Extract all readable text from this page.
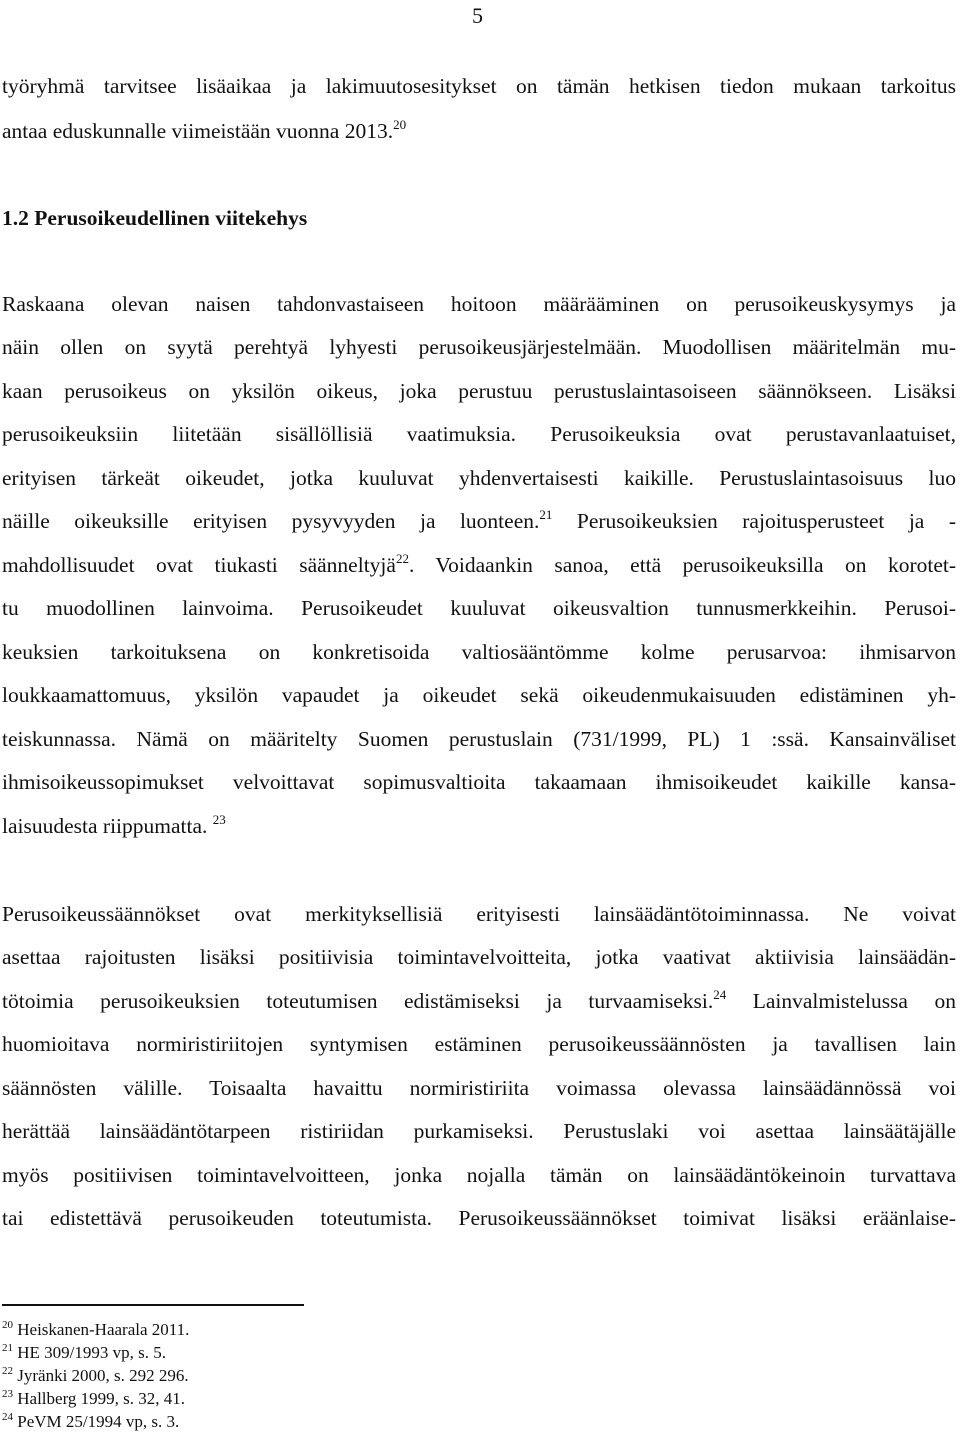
5
työryhmä tarvitsee lisäaikaa ja lakimuutosesitykset on tämän hetkisen tiedon mukaan tarkoitus
antaa eduskunnalle viimeistään vuonna 2013.20
1.2 Perusoikeudellinen viitekehys
Raskaana olevan naisen tahdonvastaiseen hoitoon määrääminen on perusoikeuskysymys ja
näin ollen on syytä perehtyä lyhyesti perusoikeusjärjestelmään. Muodollisen määritelmän mu-
kaan perusoikeus on yksilön oikeus, joka perustuu perustuslaintasoiseen säännökseen. Lisäksi
perusoikeuksiin liitetään sisällöllisiä vaatimuksia. Perusoikeuksia ovat perustavanlaatuiset,
erityisen tärkeät oikeudet, jotka kuuluvat yhdenvertaisesti kaikille. Perustuslaintasoisuus luo
näille oikeuksille erityisen pysyvyyden ja luonteen.$^{21}$ Perusoikeuksien rajoitusperusteet ja -
mahdollisuudet ovat tiukasti säänneltyjä$^{22}$. Voidaankin sanoa, että perusoikeuksilla on korotet-
tu muodollinen lainvoima. Perusoikeudet kuuluvat oikeusvaltion tunnusmerkkeihin. Perusoi-
keuksien tarkoituksena on konkretisoida valtiosääntömme kolme perusarvoa: ihmisarvon
loukkaamattomuus, yksilön vapaudet ja oikeudet sekä oikeudenmukaisuuden edistäminen yh-
teiskunnassa. Nämä on määritelty Suomen perustuslain (731/1999, PL) 1 :ssä. Kansainväliset
ihmisoikeussopimukset velvoittavat sopimusvaltioita takaamaan ihmisoikeudet kaikille kansa-
laisuudesta riippumatta. $^{23}$
Perusoikeussäännökset ovat merkityksellisiä erityisesti lainsäädäntötoiminnassa. Ne voivat
asettaa rajoitusten lisäksi positiivisia toimintavelvoitteita, jotka vaativat aktiivisia lainsäädän-
tötoimia perusoikeuksien toteutumisen edistämiseksi ja turvaamiseksi.$^{24}$ Lainvalmistelussa on
huomioitava normiristiriitojen syntymisen estäminen perusoikeussäännösten ja tavallisen lain
säännösten välille. Toisaalta havaittu normiristiriita voimassa olevassa lainsäädännössä voi
herättää lainsäädäntötarpeen ristiriidan purkamiseksi. Perustuslaki voi asettaa lainsäätäjälle
myös positiivisen toimintavelvoitteen, jonka nojalla tämän on lainsäädäntökeinoin turvattava
tai edistettävä perusoikeuden toteutumista. Perusoikeussäännökset toimivat lisäksi eräänlaise-
$^{20}$ Heiskanen-Haarala 2011.
$^{21}$ HE 309/1993 vp, s. 5.
$^{22}$ Jyränki 2000, s. 292 296.
$^{23}$ Hallberg 1999, s. 32, 41.
$^{24}$ PeVM 25/1994 vp, s. 3.
